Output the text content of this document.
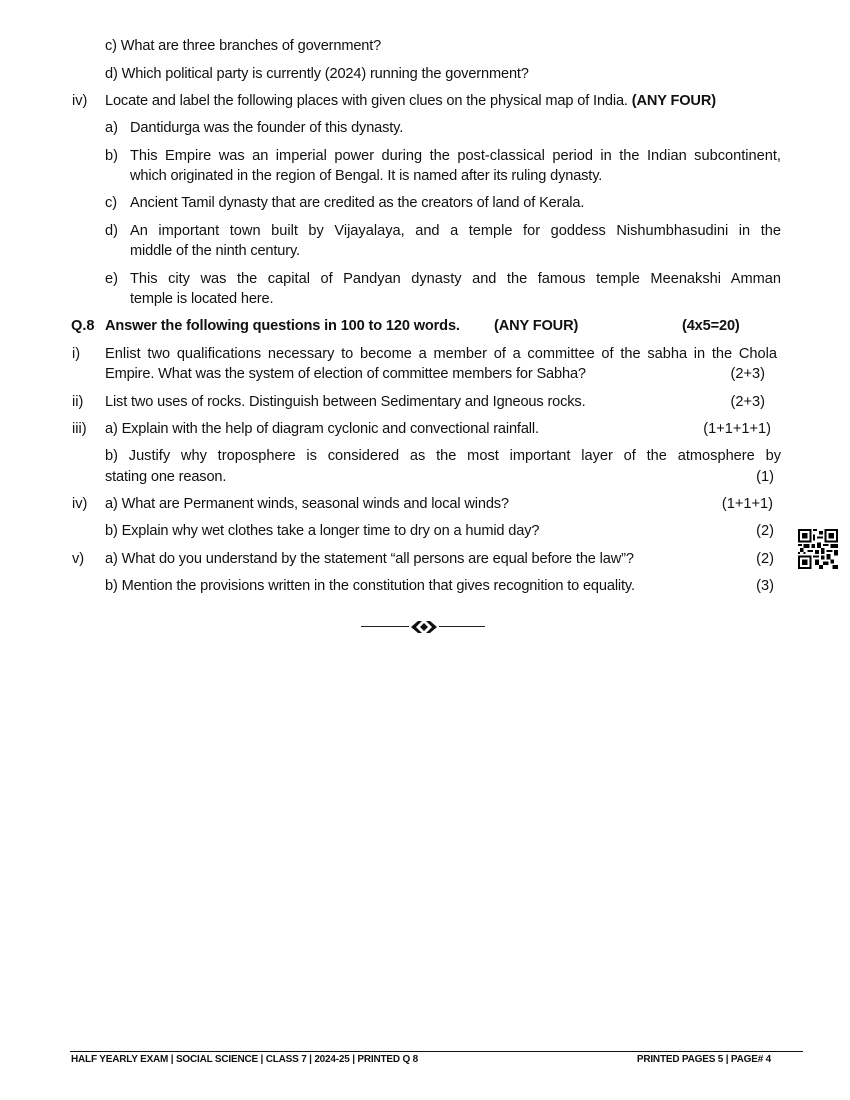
c) What are three branches of government?
d) Which political party is currently (2024) running the government?
iv) Locate and label the following places with given clues on the physical map of India. (ANY FOUR)
a) Dantidurga was the founder of this dynasty.
b) This Empire was an imperial power during the post-classical period in the Indian subcontinent,
which originated in the region of Bengal. It is named after its ruling dynasty.
c) Ancient Tamil dynasty that are credited as the creators of land of Kerala.
d) An important town built by Vijayalaya, and a temple for goddess Nishumbhasudini in the
middle of the ninth century.
e) This city was the capital of Pandyan dynasty and the famous temple Meenakshi Amman
temple is located here.
Q.8 Answer the following questions in 100 to 120 words. (ANY FOUR)	(4x5=20)
i) Enlist two qualifications necessary to become a member of a committee of the sabha in the Chola
Empire. What was the system of election of committee members for Sabha?	(2+3)
ii) List two uses of rocks. Distinguish between Sedimentary and Igneous rocks.	(2+3)
iii) a) Explain with the help of diagram cyclonic and convectional rainfall.	(1+1+1+1)
b) Justify why troposphere is considered as the most important layer of the atmosphere by
stating one reason.	(1)
iv) a) What are Permanent winds, seasonal winds and local winds?	(1+1+1)
b) Explain why wet clothes take a longer time to dry on a humid day?	(2)
v) a) What do you understand by the statement “all persons are equal before the law”?	(2)
b) Mention the provisions written in the constitution that gives recognition to equality.	(3)
HALF YEARLY EXAM | SOCIAL SCIENCE | CLASS 7 | 2024-25 | PRINTED Q 8	PRINTED PAGES 5 | PAGE# 4
